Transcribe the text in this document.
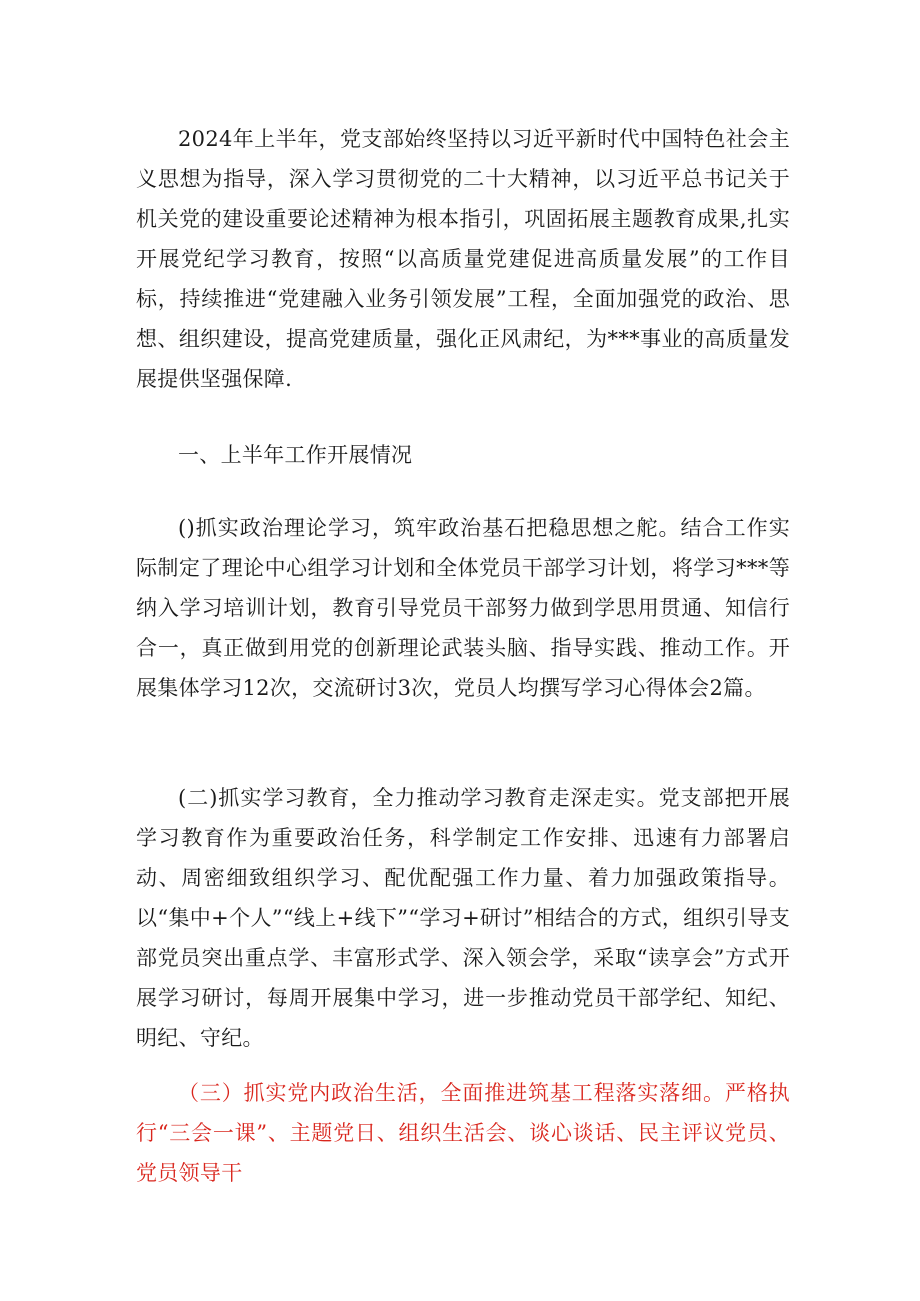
2024年上半年，党支部始终坚持以习近平新时代中国特色社会主义思想为指导，深入学习贯彻党的二十大精神，以习近平总书记关于机关党的建设重要论述精神为根本指引，巩固拓展主题教育成果,扎实开展党纪学习教育，按照“以高质量党建促进高质量发展”的工作目标，持续推进“党建融入业务引领发展”工程，全面加强党的政治、思想、组织建设，提高党建质量，强化正风肃纪，为***事业的高质量发展提供坚强保障.

一、上半年工作开展情况

()抓实政治理论学习，筑牢政治基石把稳思想之舵。结合工作实际制定了理论中心组学习计划和全体党员干部学习计划，将学习***等纳入学习培训计划，教育引导党员干部努力做到学思用贯通、知信行合一，真正做到用党的创新理论武装头脑、指导实践、推动工作。开展集体学习12次，交流研讨3次，党员人均撰写学习心得体会2篇。

(二)抓实学习教育，全力推动学习教育走深走实。党支部把开展学习教育作为重要政治任务，科学制定工作安排、迅速有力部署启动、周密细致组织学习、配优配强工作力量、着力加强政策指导。以“集中+个人”“线上+线下”“学习+研讨”相结合的方式，组织引导支部党员突出重点学、丰富形式学、深入领会学，采取“读享会”方式开展学习研讨，每周开展集中学习，进一步推动党员干部学纪、知纪、明纪、守纪。

（三）抓实党内政治生活，全面推进筑基工程落实落细。严格执行“三会一课”、主题党日、组织生活会、谈心谈话、民主评议党员、党员领导干
